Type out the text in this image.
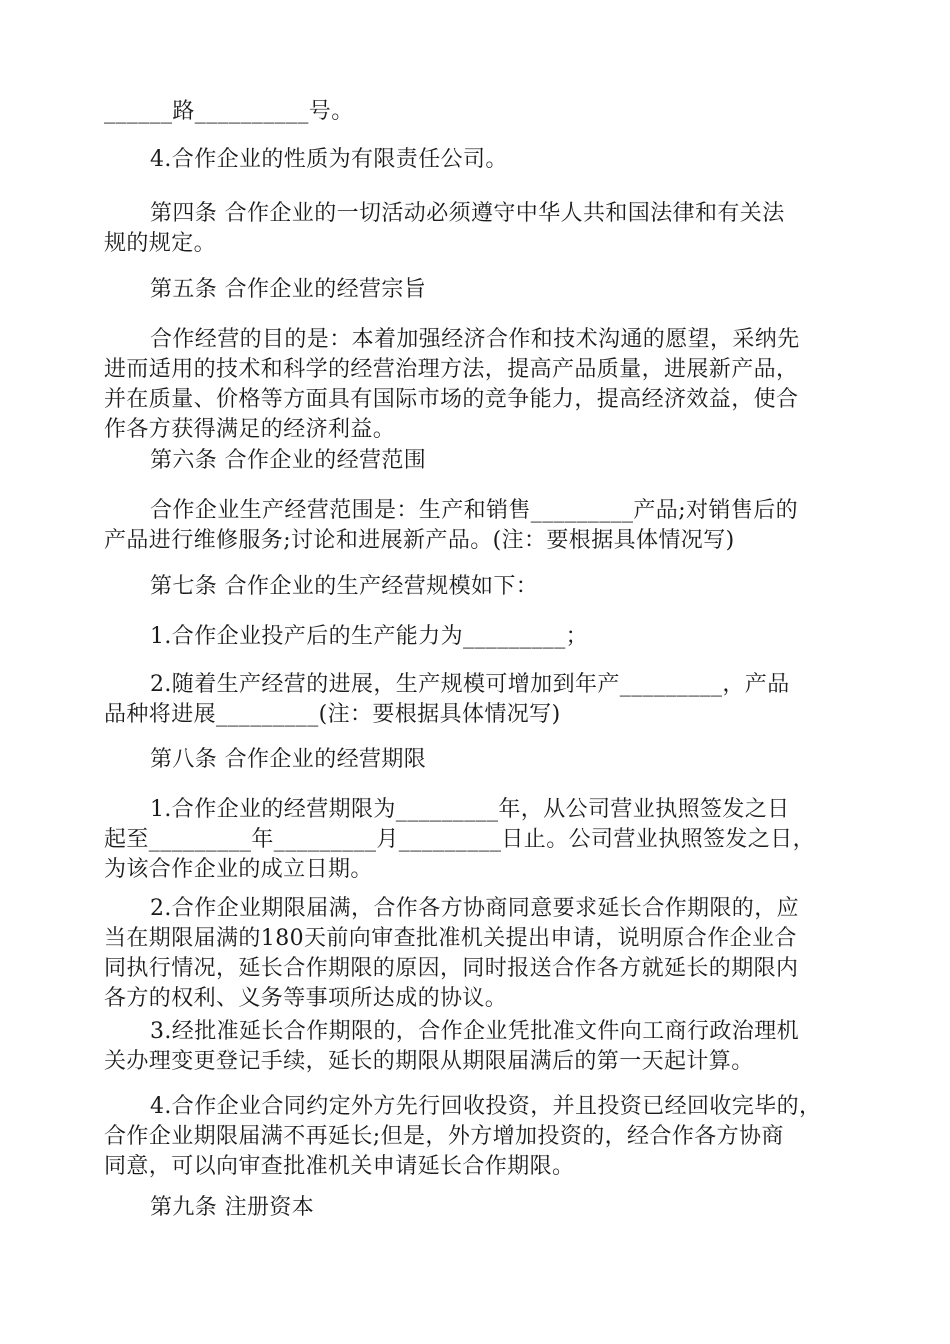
______路__________号。

4.合作企业的性质为有限责任公司。

第四条 合作企业的一切活动必须遵守中华人共和国法律和有关法
规的规定。

第五条 合作企业的经营宗旨

合作经营的目的是：本着加强经济合作和技术沟通的愿望，采纳先
进而适用的技术和科学的经营治理方法，提高产品质量，进展新产品，
并在质量、价格等方面具有国际市场的竞争能力，提高经济效益，使合
作各方获得满足的经济利益。

第六条 合作企业的经营范围

合作企业生产经营范围是：生产和销售_________产品;对销售后的
产品进行维修服务;讨论和进展新产品。(注：要根据具体情况写)

第七条 合作企业的生产经营规模如下：

1.合作企业投产后的生产能力为_________；

2.随着生产经营的进展，生产规模可增加到年产_________，产品
品种将进展_________(注：要根据具体情况写)

第八条 合作企业的经营期限

1.合作企业的经营期限为_________年，从公司营业执照签发之日
起至_________年_________月_________日止。公司营业执照签发之日，
为该合作企业的成立日期。

2.合作企业期限届满，合作各方协商同意要求延长合作期限的，应
当在期限届满的180天前向审查批准机关提出申请，说明原合作企业合
同执行情况，延长合作期限的原因，同时报送合作各方就延长的期限内
各方的权利、义务等事项所达成的协议。

3.经批准延长合作期限的，合作企业凭批准文件向工商行政治理机
关办理变更登记手续，延长的期限从期限届满后的第一天起计算。

4.合作企业合同约定外方先行回收投资，并且投资已经回收完毕的，
合作企业期限届满不再延长;但是，外方增加投资的，经合作各方协商
同意，可以向审查批准机关申请延长合作期限。

第九条 注册资本
